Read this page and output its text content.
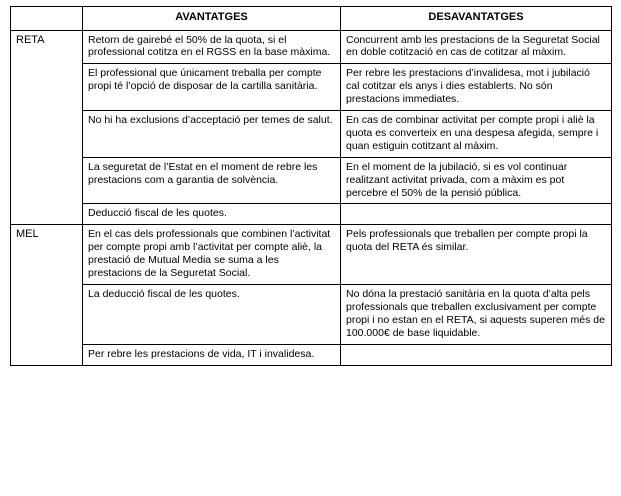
	AVANTATGES	DESAVANTATGES
RETA	Retorn de gairebé el 50% de la quota, si el professional cotitza en el RGSS en la base màxima.	Concurrent amb les prestacions de la Seguretat Social en doble cotització en cas de cotitzar al màxim.
	El professional que únicament treballa per compte propi té l’opció de disposar de la cartilla sanitària.	Per rebre les prestacions d’invalidesa, mot i jubilació cal cotitzar els anys i dies establerts. No són prestacions immediates.
	No hi ha exclusions d’acceptació per temes de salut.	En cas de combinar activitat per compte propi i aliè la quota es converteix en una despesa afegida, sempre i quan estiguin cotitzant al màxim.
	La seguretat de l’Estat en el moment de rebre les prestacions com a garantia de solvència.	En el moment de la jubilació, si es vol continuar realitzant activitat privada, com a màxim es pot percebre el 50% de la pensió pública.
	Deducció fiscal de les quotes.	
MEL	En el cas dels professionals que combinen l’activitat per compte propi amb l’activitat per compte aliè, la prestació de Mutual Media se suma a les prestacions de la Seguretat Social.	Pels professionals que treballen per compte propi la quota del RETA és similar.
	La deducció fiscal de les quotes.	No dóna la prestació sanitària en la quota d’alta pels professionals que treballen exclusivament per compte propi i no estan en el RETA, si aquests superen més de 100.000€ de base liquidable.
	Per rebre les prestacions de vida, IT i invalidesa.	
